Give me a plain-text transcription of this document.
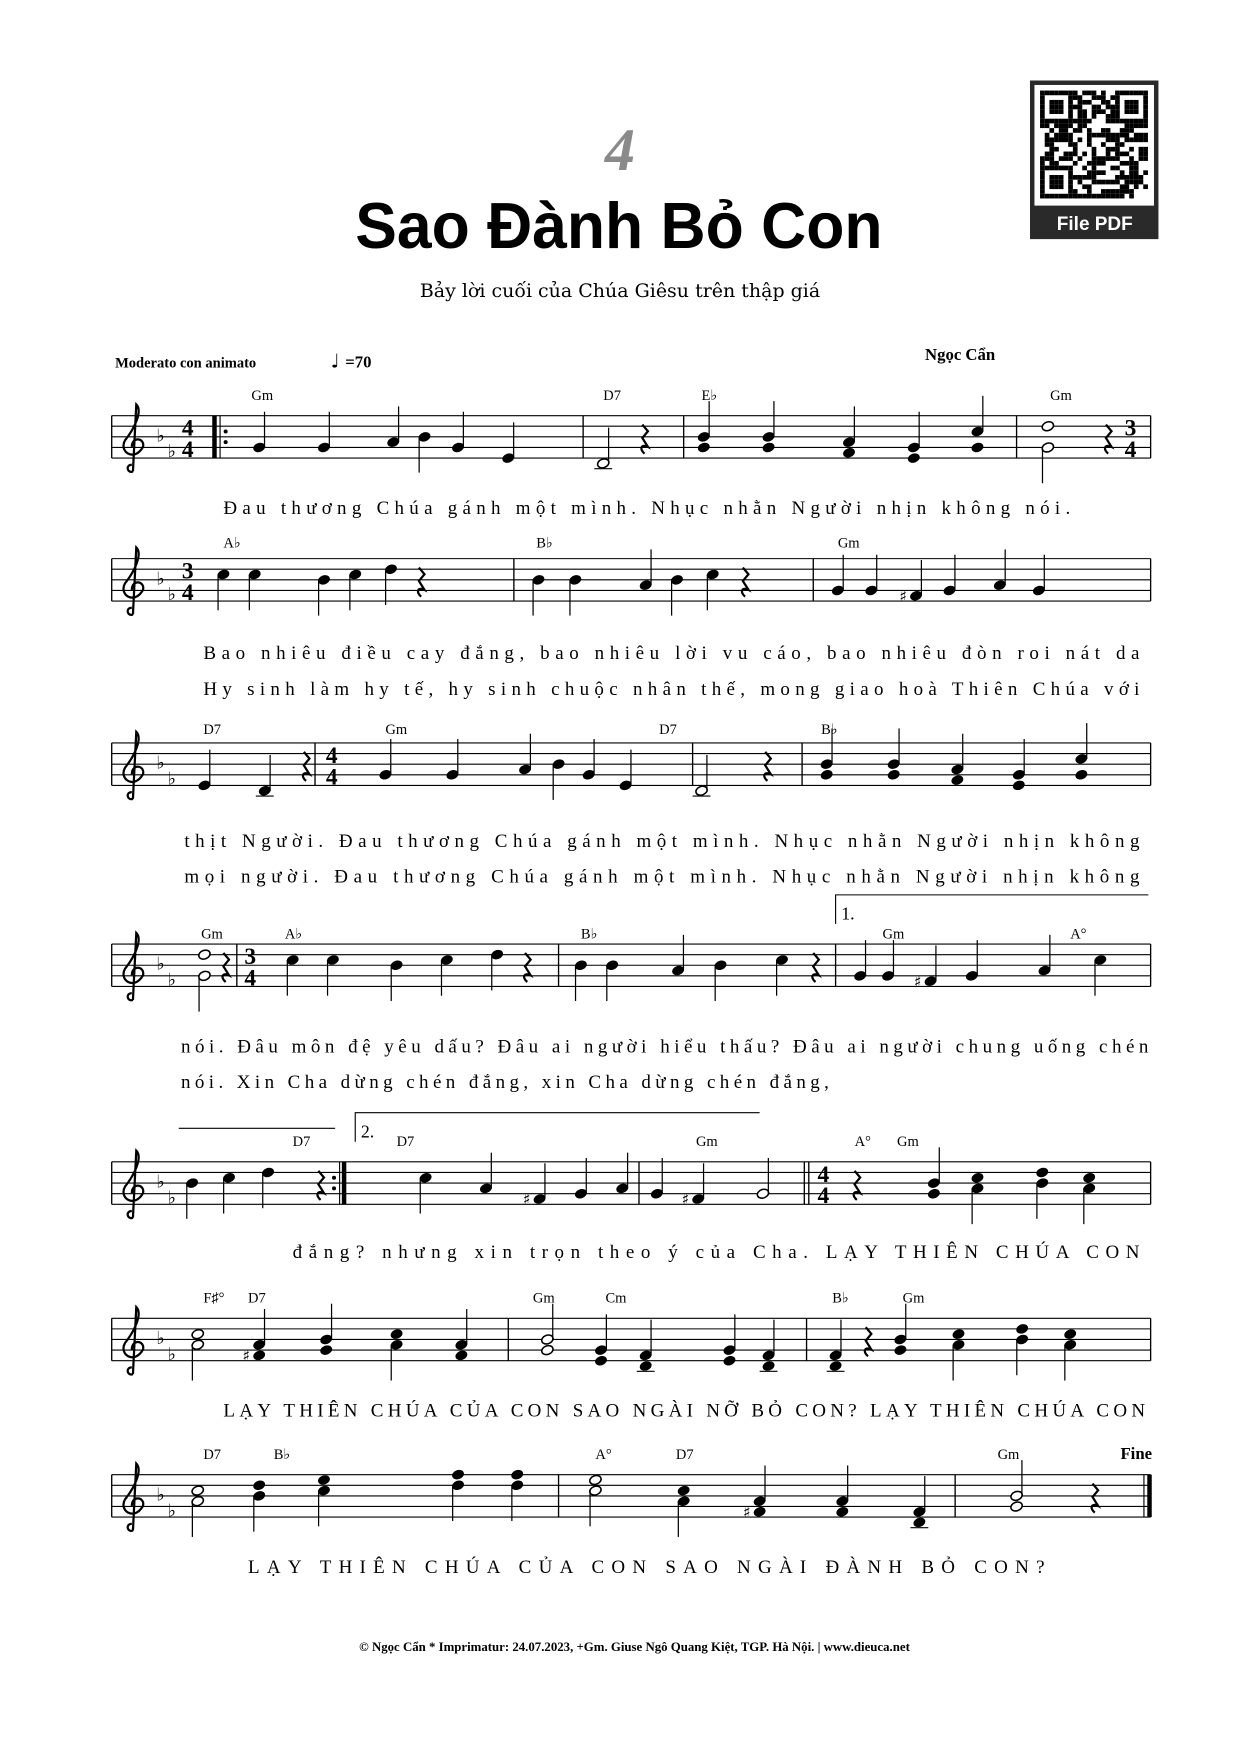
4
Sao Đành Bỏ Con
Bảy lời cuối của Chúa Giêsu trên thập giá
File PDF
Moderato con animato	♩ =70	Ngọc Cẩn
♭
♭
4
4
3
4
Gm	D7	E♭	Gm
Đau thương Chúa gánh một mình. Nhục nhằn Người nhịn không nói.
♭
♭
3
4
A♭	B♭	Gm
♯
Bao nhiêu điều cay đắng, bao nhiêu lời vu cáo, bao nhiêu đòn roi nát da
Hy sinh làm hy tế, hy sinh chuộc nhân thế, mong giao hoà Thiên Chúa với
♭
♭
4
4
D7	Gm	D7	B♭
thịt Người. Đau thương Chúa gánh một mình. Nhục nhằn Người nhịn không
mọi người. Đau thương Chúa gánh một mình. Nhục nhằn Người nhịn không
♭
♭
3
4
1.
Gm	A♭	B♭	Gm	A°
♯
nói. Đâu môn đệ yêu dấu? Đâu ai người hiểu thấu? Đâu ai người chung uống chén
nói. Xin Cha dừng chén đắng, xin Cha dừng chén đắng,
♭
♭
4
4
2.
D7	D7	Gm	A° Gm
♯	♯
đắng? nhưng xin trọn theo ý của Cha. LẠY THIÊN CHÚA CON
♭
♭
F♯° D7	Gm	Cm	B♭	Gm
♯
LẠY THIÊN CHÚA CỦA CON SAO NGÀI NỠ BỎ CON? LẠY THIÊN CHÚA CON
♭
♭
Fine
D7	B♭	A°	D7	Gm
♯
LẠY THIÊN CHÚA CỦA CON SAO NGÀI ĐÀNH BỎ CON?
© Ngọc Cẩn * Imprimatur: 24.07.2023, +Gm. Giuse Ngô Quang Kiệt, TGP. Hà Nội. | www.dieuca.net
